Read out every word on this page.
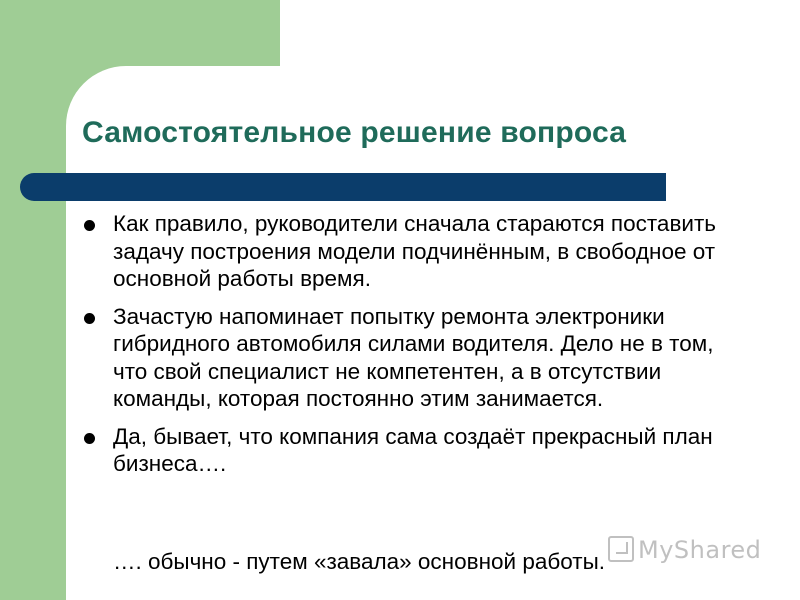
Самостоятельное решение вопроса
Как правило, руководители сначала стараются поставить задачу построения модели подчинённым, в свободное от основной работы время.
Зачастую напоминает попытку ремонта электроники гибридного автомобиля силами водителя. Дело не в том, что свой специалист не компетентен, а в отсутствии команды, которая постоянно этим занимается.
Да, бывает, что компания сама создаёт прекрасный план бизнеса….

…. обычно - путем «завала» основной работы.	MyShared
